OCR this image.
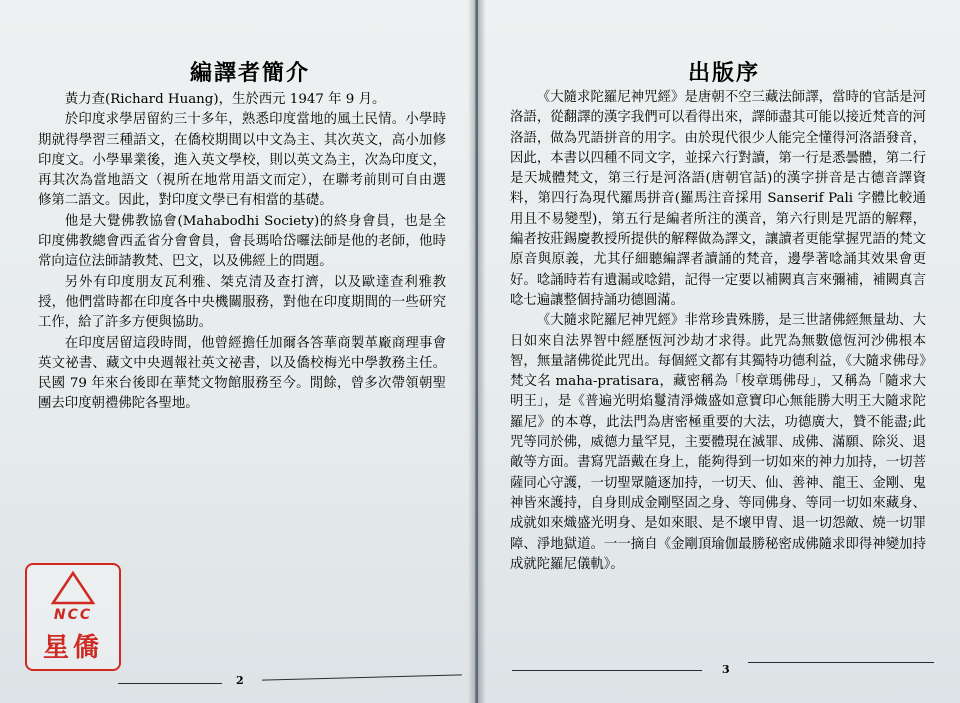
編譯者簡介

黃力查(Richard Huang)，生於西元 1947 年 9 月。

於印度求學居留約三十多年，熟悉印度當地的風土民情。小學時期就得學習三種語文，在僑校期間以中文為主、其次英文，高小加修印度文。小學畢業後，進入英文學校，則以英文為主，次為印度文，再其次為當地語文（視所在地常用語文而定），在聯考前則可自由選修第二語文。因此，對印度文學已有相當的基礎。

他是大覺佛教協會(Mahabodhi Society)的終身會員，也是全印度佛教總會西孟省分會會員，會長瑪哈岱囉法師是他的老師，他時常向這位法師請教梵、巴文，以及佛經上的問題。

另外有印度朋友瓦利雅、桀克清及查打濟，以及歐達查利雅教授，他們當時都在印度各中央機關服務，對他在印度期間的一些研究工作，給了許多方便與協助。

在印度居留這段時間，他曾經擔任加爾各答華商製革廠商理事會英文祕書、藏文中央週報社英文祕書，以及僑校梅光中學教務主任。民國 79 年來台後即在華梵文物館服務至今。閒餘，曾多次帶領朝聖團去印度朝禮佛陀各聖地。

出版序

《大隨求陀羅尼神咒經》是唐朝不空三藏法師譯，當時的官話是河洛語，從翻譯的漢字我們可以看得出來，譯師盡其可能以接近梵音的河洛語，做為咒語拼音的用字。由於現代很少人能完全懂得河洛語發音，因此，本書以四種不同文字，並採六行對讀，第一行是悉曇體，第二行是天城體梵文，第三行是河洛語(唐朝官話)的漢字拼音是古德音譯資料，第四行為現代羅馬拼音(羅馬注音採用 Sanserif Pali 字體比較通用且不易變型)，第五行是編者所注的漢音，第六行則是咒語的解釋，編者按莊錫慶教授所提供的解釋做為譯文，讓讀者更能掌握咒語的梵文原音與原義，尤其仔細聽編譯者讀誦的梵音，邊學著唸誦其效果會更好。唸誦時若有遺漏或唸錯，記得一定要以補闕真言來彌補，補闕真言唸七遍讓整個持誦功德圓滿。

《大隨求陀羅尼神咒經》非常珍貴殊勝，是三世諸佛經無量劫、大日如來自法界智中經歷恆河沙劫才求得。此咒為無數億恆河沙佛根本智，無量諸佛從此咒出。每個經文都有其獨特功德利益，《大隨求佛母》梵文名 maha-pratisara，藏密稱為「梭章瑪佛母」，又稱為「隨求大明王」，是《普遍光明焰鬘清淨熾盛如意寶印心無能勝大明王大隨求陀羅尼》的本尊，此法門為唐密極重要的大法，功德廣大，贊不能盡;此咒等同於佛，威德力量罕見，主要體現在滅罪、成佛、滿願、除災、退敵等方面。書寫咒語戴在身上，能夠得到一切如來的神力加持，一切菩薩同心守護，一切聖眾隨逐加持，一切天、仙、善神、龍王、金剛、鬼神皆來護持，自身則成金剛堅固之身、等同佛身、等同一切如來藏身、成就如來熾盛光明身、是如來眼、是不壞甲冑、退一切怨敵、燒一切罪障、淨地獄道。一一摘自《金剛頂瑜伽最勝秘密成佛隨求即得神變加持成就陀羅尼儀軌》。

2
3
NCC
星僑
